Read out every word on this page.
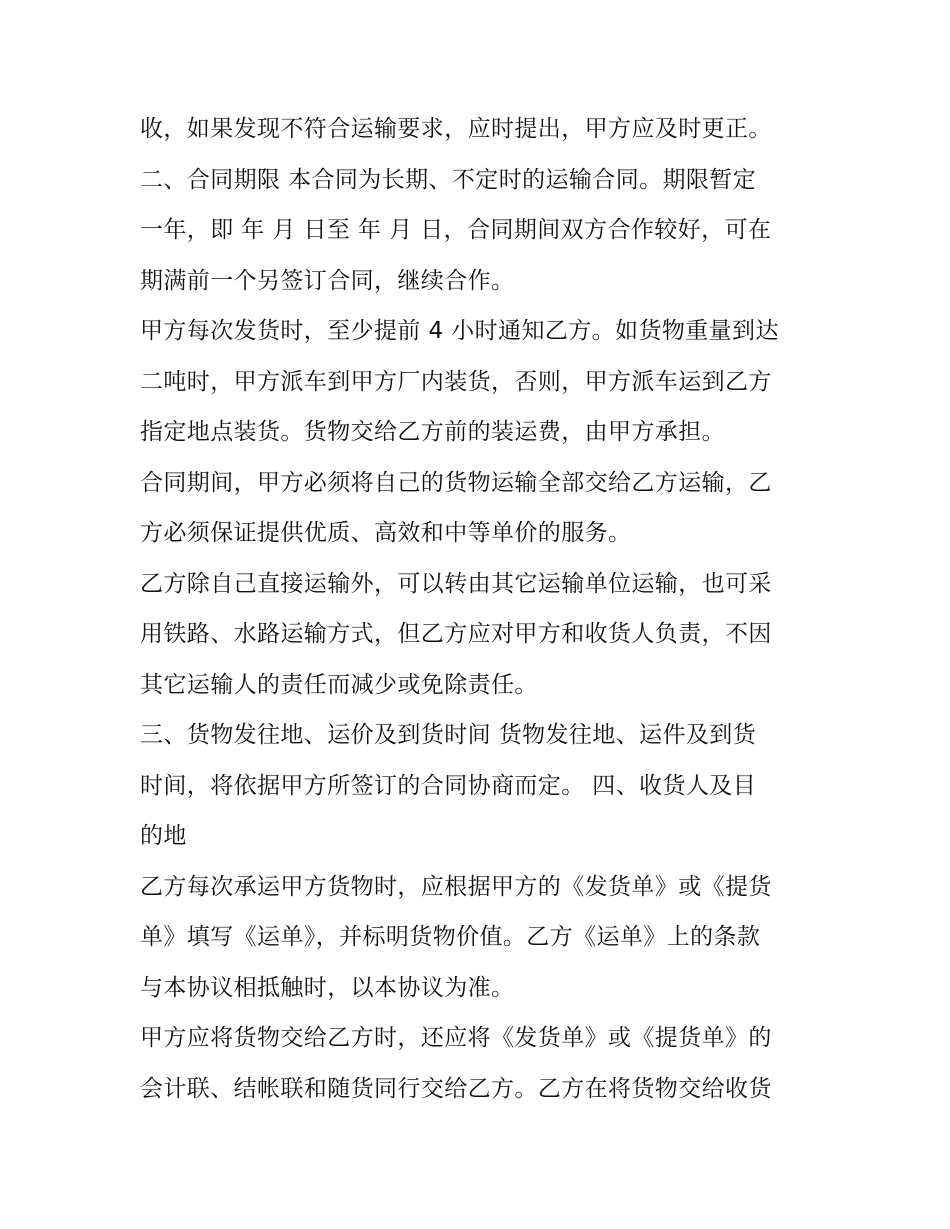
收，如果发现不符合运输要求，应时提出，甲方应及时更正。

二、合同期限 本合同为长期、不定时的运输合同。期限暂定

一年，即 年 月 日至 年 月 日，合同期间双方合作较好，可在

期满前一个另签订合同，继续合作。

甲方每次发货时，至少提前 4 小时通知乙方。如货物重量到达

二吨时，甲方派车到甲方厂内装货，否则，甲方派车运到乙方

指定地点装货。货物交给乙方前的装运费，由甲方承担。

合同期间，甲方必须将自己的货物运输全部交给乙方运输，乙

方必须保证提供优质、高效和中等单价的服务。

乙方除自己直接运输外，可以转由其它运输单位运输，也可采

用铁路、水路运输方式，但乙方应对甲方和收货人负责，不因

其它运输人的责任而减少或免除责任。

三、货物发往地、运价及到货时间 货物发往地、运件及到货

时间，将依据甲方所签订的合同协商而定。 四、收货人及目

的地

乙方每次承运甲方货物时，应根据甲方的《发货单》或《提货

单》填写《运单》，并标明货物价值。乙方《运单》上的条款

与本协议相抵触时，以本协议为准。

甲方应将货物交给乙方时，还应将《发货单》或《提货单》的

会计联、结帐联和随货同行交给乙方。乙方在将货物交给收货
